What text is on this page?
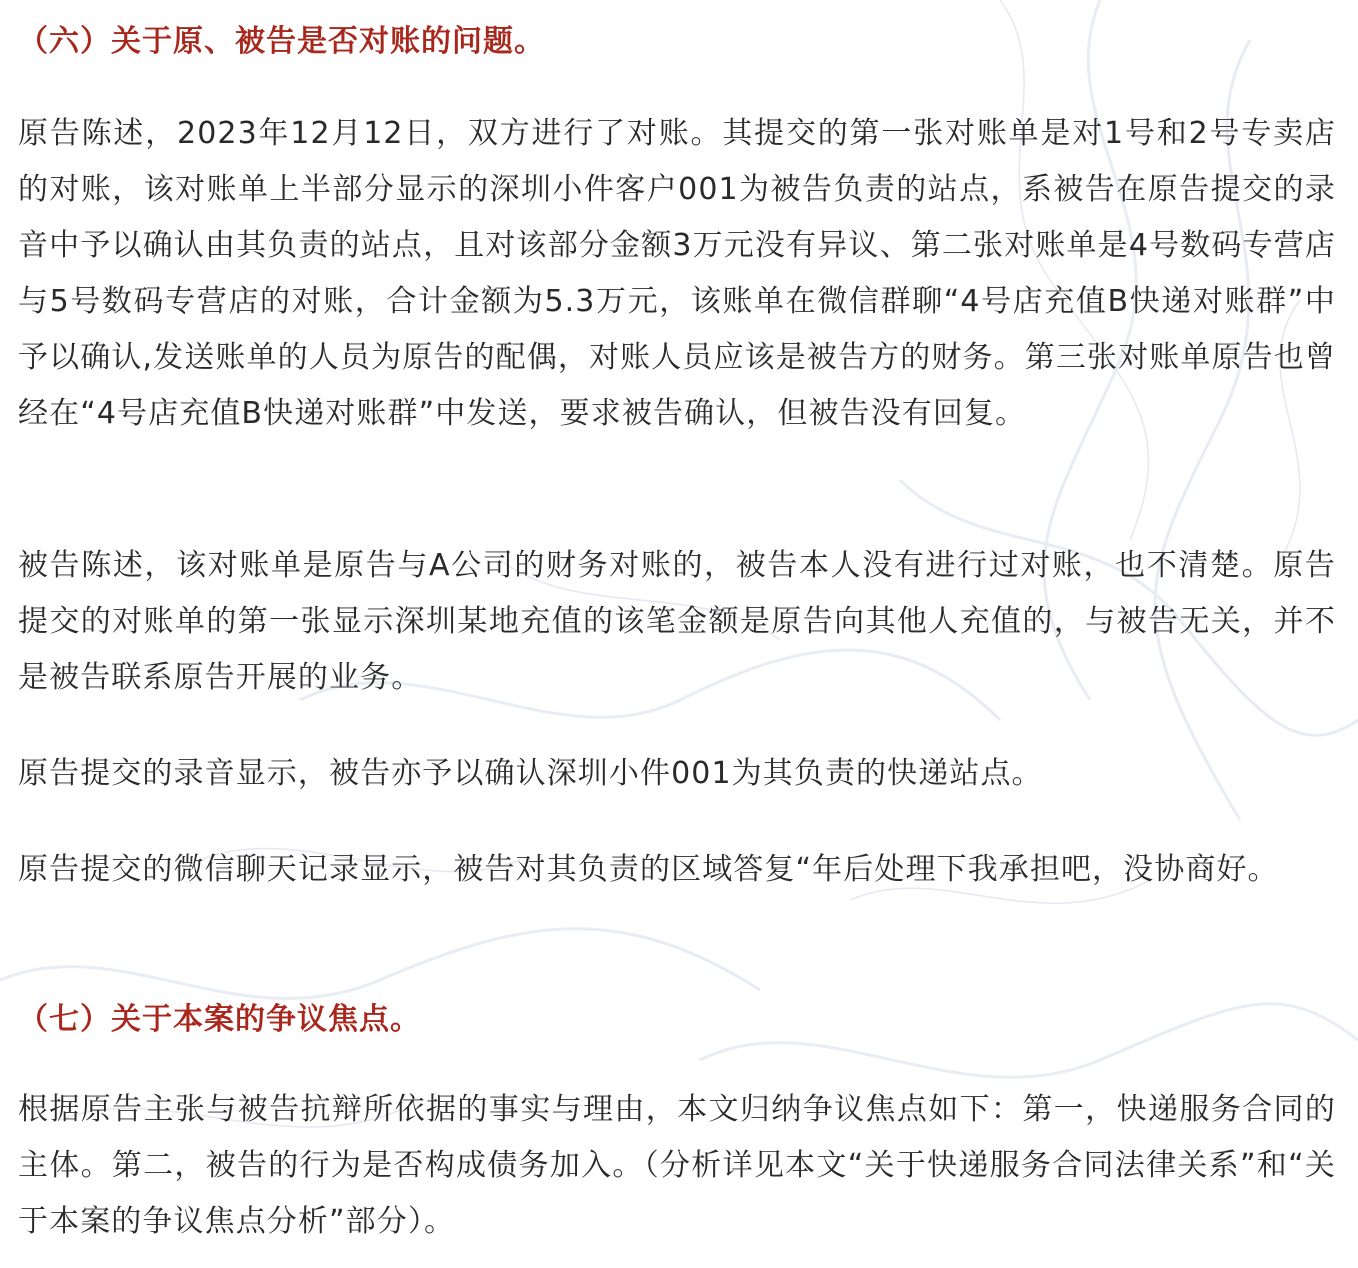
（六）关于原、被告是否对账的问题。

原告陈述，2023年12月12日，双方进行了对账。其提交的第一张对账单是对1号和2号专卖店的对账，该对账单上半部分显示的深圳小件客户001为被告负责的站点，系被告在原告提交的录音中予以确认由其负责的站点，且对该部分金额3万元没有异议、第二张对账单是4号数码专营店与5号数码专营店的对账，合计金额为5.3万元，该账单在微信群聊“4号店充值B快递对账群”中予以确认,发送账单的人员为原告的配偶，对账人员应该是被告方的财务。第三张对账单原告也曾经在“4号店充值B快递对账群”中发送，要求被告确认，但被告没有回复。

被告陈述，该对账单是原告与A公司的财务对账的，被告本人没有进行过对账，也不清楚。原告提交的对账单的第一张显示深圳某地充值的该笔金额是原告向其他人充值的，与被告无关，并不是被告联系原告开展的业务。

原告提交的录音显示，被告亦予以确认深圳小件001为其负责的快递站点。

原告提交的微信聊天记录显示，被告对其负责的区域答复“年后处理下我承担吧，没协商好。

（七）关于本案的争议焦点。

根据原告主张与被告抗辩所依据的事实与理由，本文归纳争议焦点如下：第一，快递服务合同的主体。第二，被告的行为是否构成债务加入。（分析详见本文“关于快递服务合同法律关系”和“关于本案的争议焦点分析”部分）。
